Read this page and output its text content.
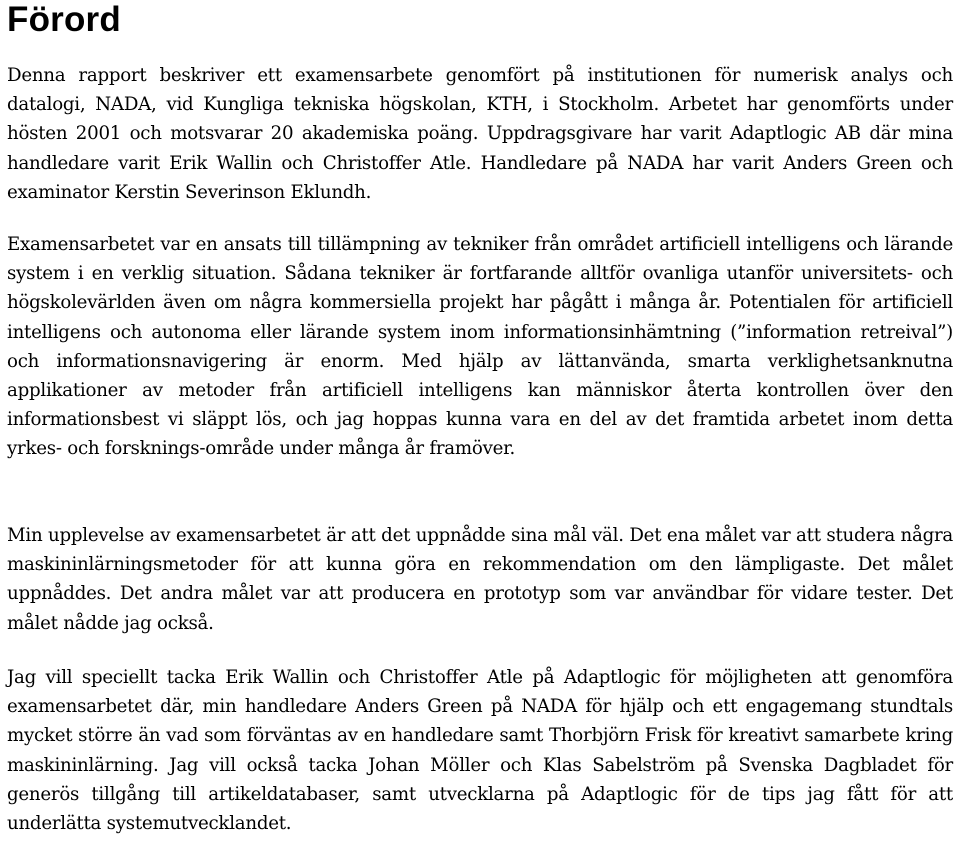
Förord

Denna rapport beskriver ett examensarbete genomfört på institutionen för numerisk analys och datalogi, NADA, vid Kungliga tekniska högskolan, KTH, i Stockholm. Arbetet har genomförts under hösten 2001 och motsvarar 20 akademiska poäng. Uppdragsgivare har varit Adaptlogic AB där mina handledare varit Erik Wallin och Christoffer Atle. Handledare på NADA har varit Anders Green och examinator Kerstin Severinson Eklundh.

Examensarbetet var en ansats till tillämpning av tekniker från området artificiell intelligens och lärande system i en verklig situation. Sådana tekniker är fortfarande alltför ovanliga utanför universitets- och högskolevärlden även om några kommersiella projekt har pågått i många år. Potentialen för artificiell intelligens och autonoma eller lärande system inom informationsinhämtning (”information retreival”) och informationsnavigering är enorm. Med hjälp av lättanvända, smarta verklighetsanknutna applikationer av metoder från artificiell intelligens kan människor återta kontrollen över den informationsbest vi släppt lös, och jag hoppas kunna vara en del av det framtida arbetet inom detta yrkes- och forsknings-område under många år framöver.

Min upplevelse av examensarbetet är att det uppnådde sina mål väl. Det ena målet var att studera några maskininlärningsmetoder för att kunna göra en rekommendation om den lämpligaste. Det målet uppnåddes. Det andra målet var att producera en prototyp som var användbar för vidare tester. Det målet nådde jag också.

Jag vill speciellt tacka Erik Wallin och Christoffer Atle på Adaptlogic för möjligheten att genomföra examensarbetet där, min handledare Anders Green på NADA för hjälp och ett engagemang stundtals mycket större än vad som förväntas av en handledare samt Thorbjörn Frisk för kreativt samarbete kring maskininlärning. Jag vill också tacka Johan Möller och Klas Sabelström på Svenska Dagbladet för generös tillgång till artikeldatabaser, samt utvecklarna på Adaptlogic för de tips jag fått för att underlätta systemutvecklandet.
